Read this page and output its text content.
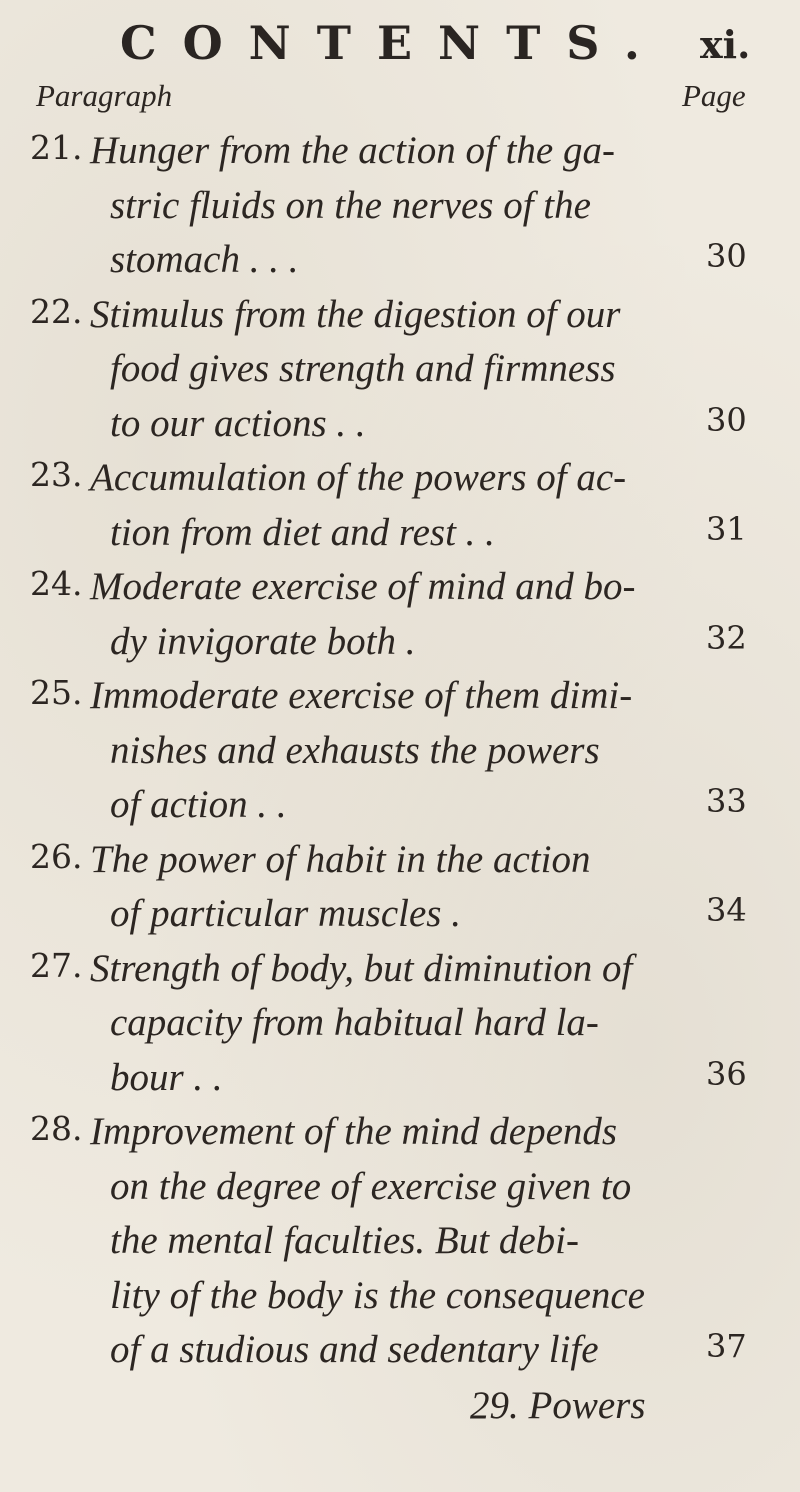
CONTENTS. xi.
Paragraph	Page
21. Hunger from the action of the ga-
stric fluids on the nerves of the
stomach . . .	30
22. Stimulus from the digestion of our
food gives strength and firmness
to our actions . .	30
23. Accumulation of the powers of ac-
tion from diet and rest . .	31
24. Moderate exercise of mind and bo-
dy invigorate both .	32
25. Immoderate exercise of them dimi-
nishes and exhausts the powers
of action . .	33
26. The power of habit in the action
of particular muscles .	34
27. Strength of body, but diminution of
capacity from habitual hard la-
bour . .	36
28. Improvement of the mind depends
on the degree of exercise given to
the mental faculties. But debi-
lity of the body is the consequence
of a studious and sedentary life	37
29. Powers
